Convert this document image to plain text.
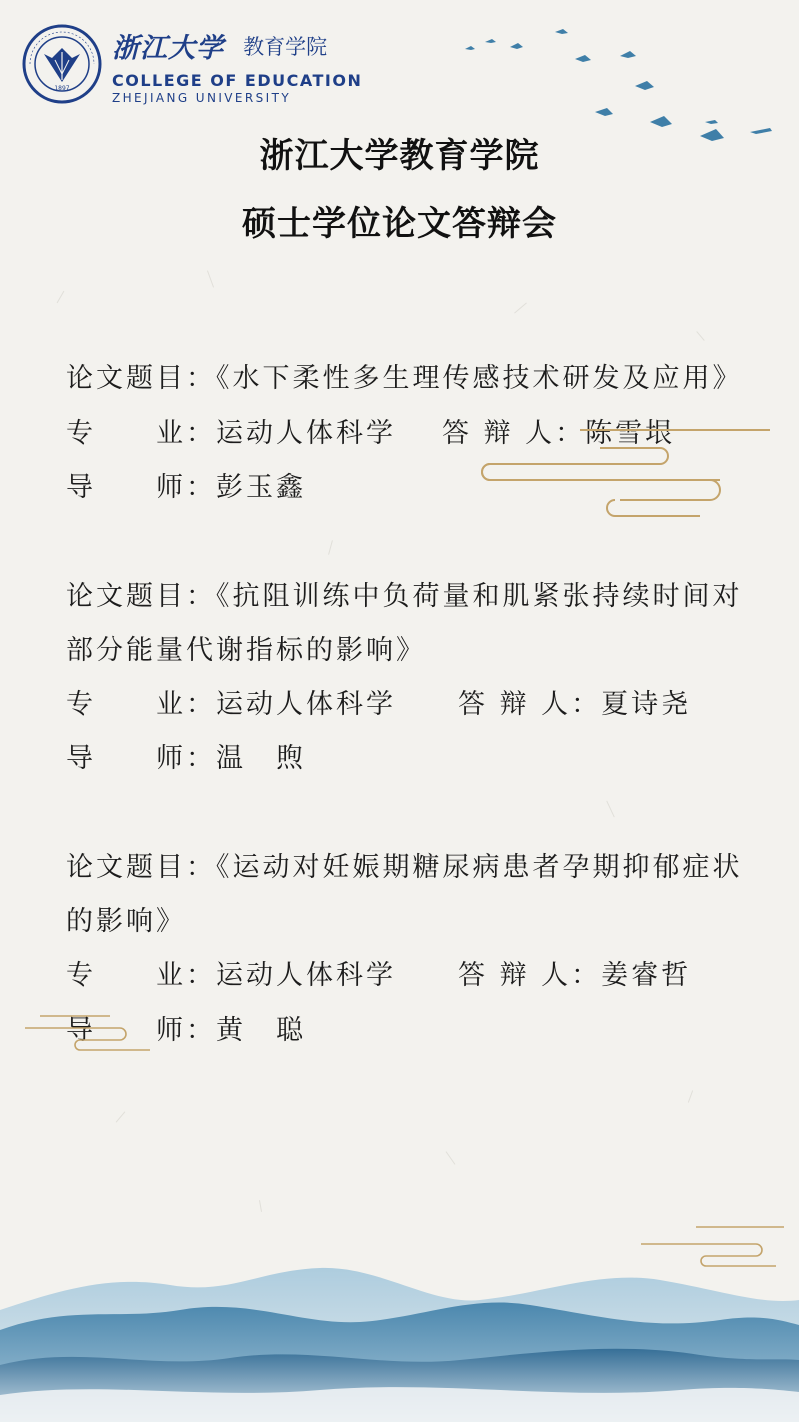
1897
浙江大学 教育学院
COLLEGE OF EDUCATION
ZHEJIANG UNIVERSITY
浙江大学教育学院
硕士学位论文答辩会
论文题目：《水下柔性多生理传感技术研发及应用》
专　　业：运动人体科学 答 辩 人：陈雪垠
导　　师：彭玉鑫
论文题目：《抗阻训练中负荷量和肌紧张持续时间对
部分能量代谢指标的影响》
专　　业：运动人体科学 答 辩 人：夏诗尧
导　　师：温　煦
论文题目：《运动对妊娠期糖尿病患者孕期抑郁症状
的影响》
专　　业：运动人体科学 答 辩 人：姜睿哲
导　　师：黄　聪
